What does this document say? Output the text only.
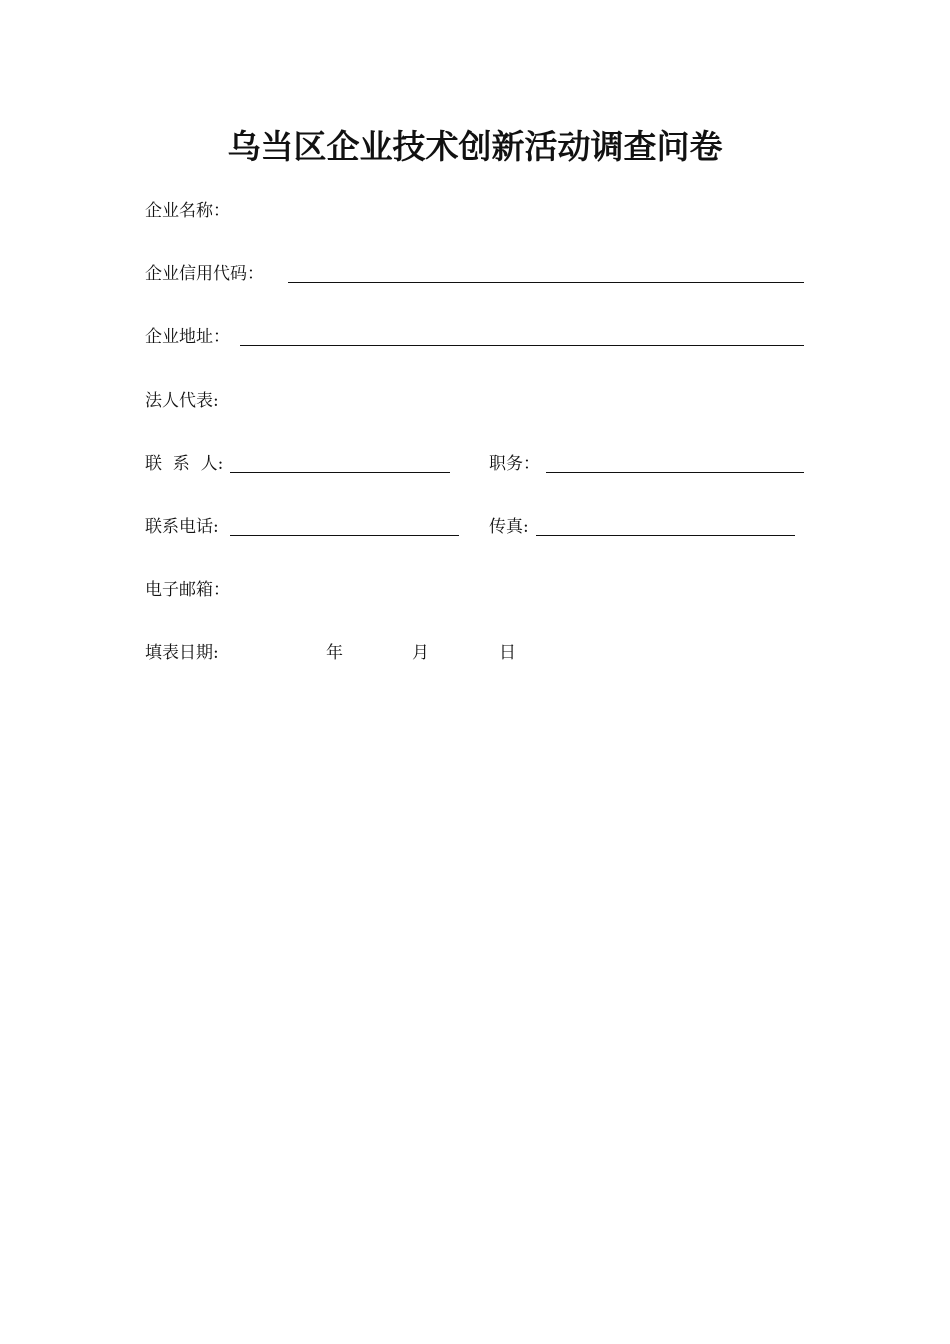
乌当区企业技术创新活动调查问卷
企业名称：
企业信用代码：
企业地址：
法人代表:
联  系  人:	职务：
联系电话:	传真:
电子邮箱：
填表日期:	年	月	日
